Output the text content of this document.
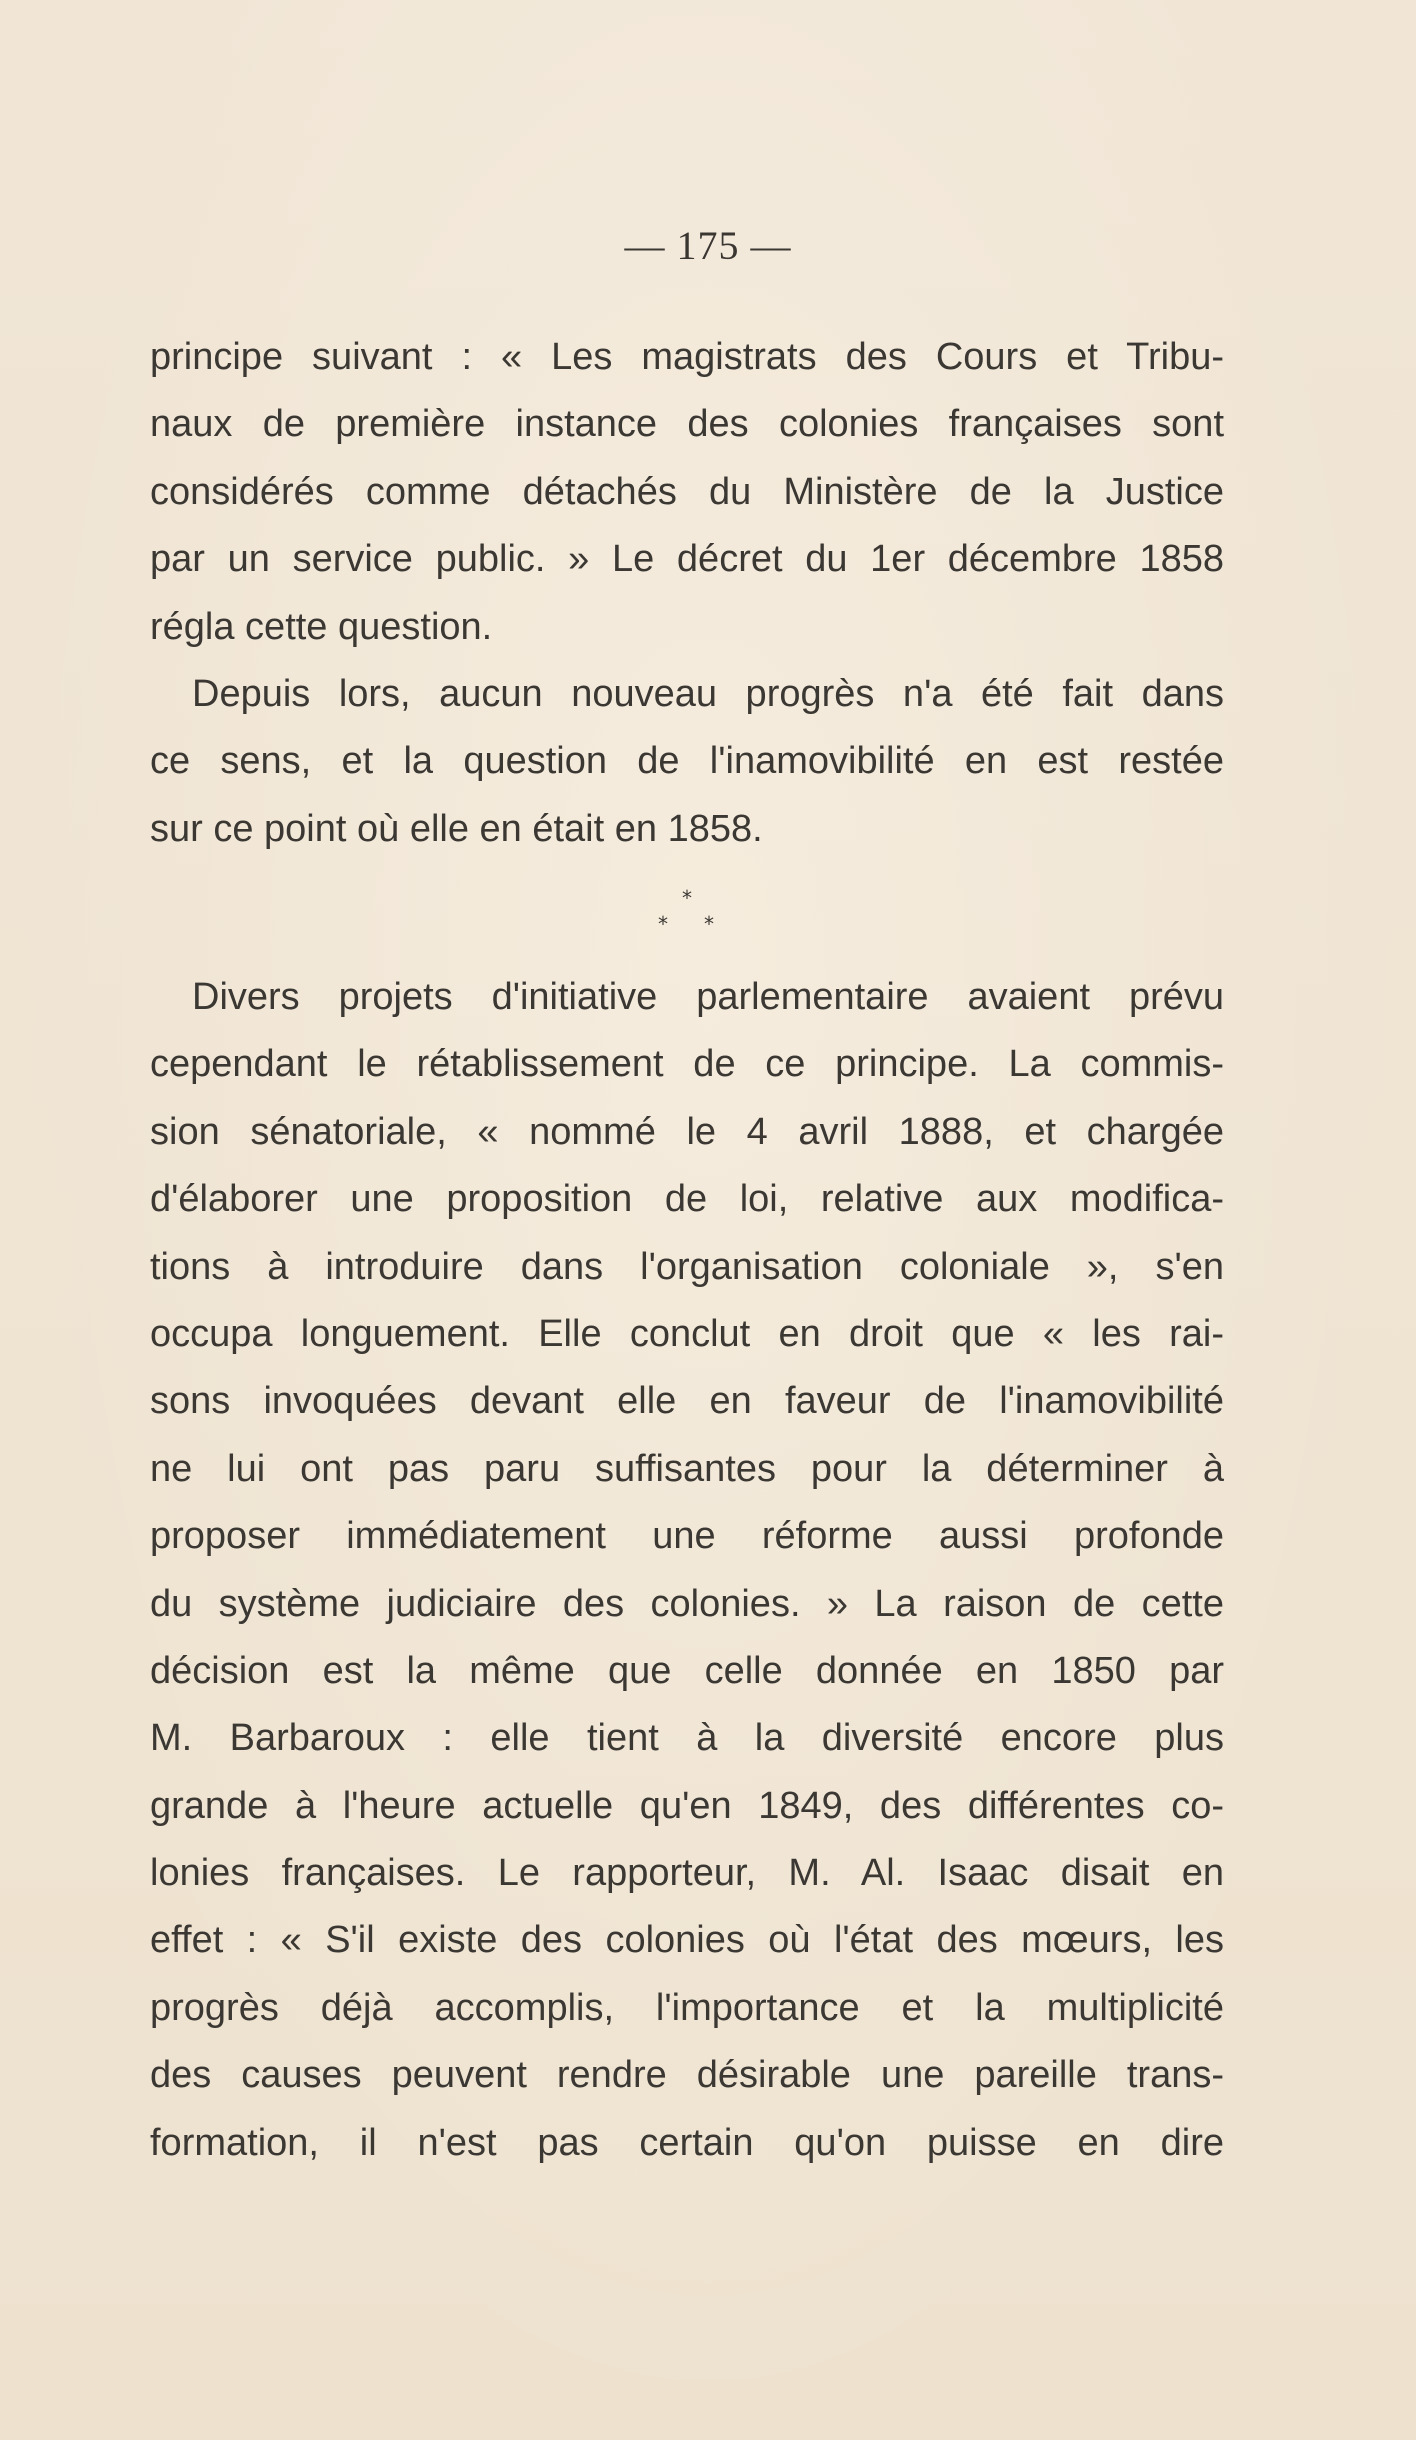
— 175 —
principe suivant : « Les magistrats des Cours et Tribu-
naux de première instance des colonies françaises sont
considérés comme détachés du Ministère de la Justice
par un service public. » Le décret du 1er décembre 1858
régla cette question.
Depuis lors, aucun nouveau progrès n'a été fait dans
ce sens, et la question de l'inamovibilité en est restée
sur ce point où elle en était en 1858.
*
* *
Divers projets d'initiative parlementaire avaient prévu
cependant le rétablissement de ce principe. La commis-
sion sénatoriale, « nommé le 4 avril 1888, et chargée
d'élaborer une proposition de loi, relative aux modifica-
tions à introduire dans l'organisation coloniale », s'en
occupa longuement. Elle conclut en droit que « les rai-
sons invoquées devant elle en faveur de l'inamovibilité
ne lui ont pas paru suffisantes pour la déterminer à
proposer immédiatement une réforme aussi profonde
du système judiciaire des colonies. » La raison de cette
décision est la même que celle donnée en 1850 par
M. Barbaroux : elle tient à la diversité encore plus
grande à l'heure actuelle qu'en 1849, des différentes co-
lonies françaises. Le rapporteur, M. Al. Isaac disait en
effet : « S'il existe des colonies où l'état des mœurs, les
progrès déjà accomplis, l'importance et la multiplicité
des causes peuvent rendre désirable une pareille trans-
formation, il n'est pas certain qu'on puisse en dire
